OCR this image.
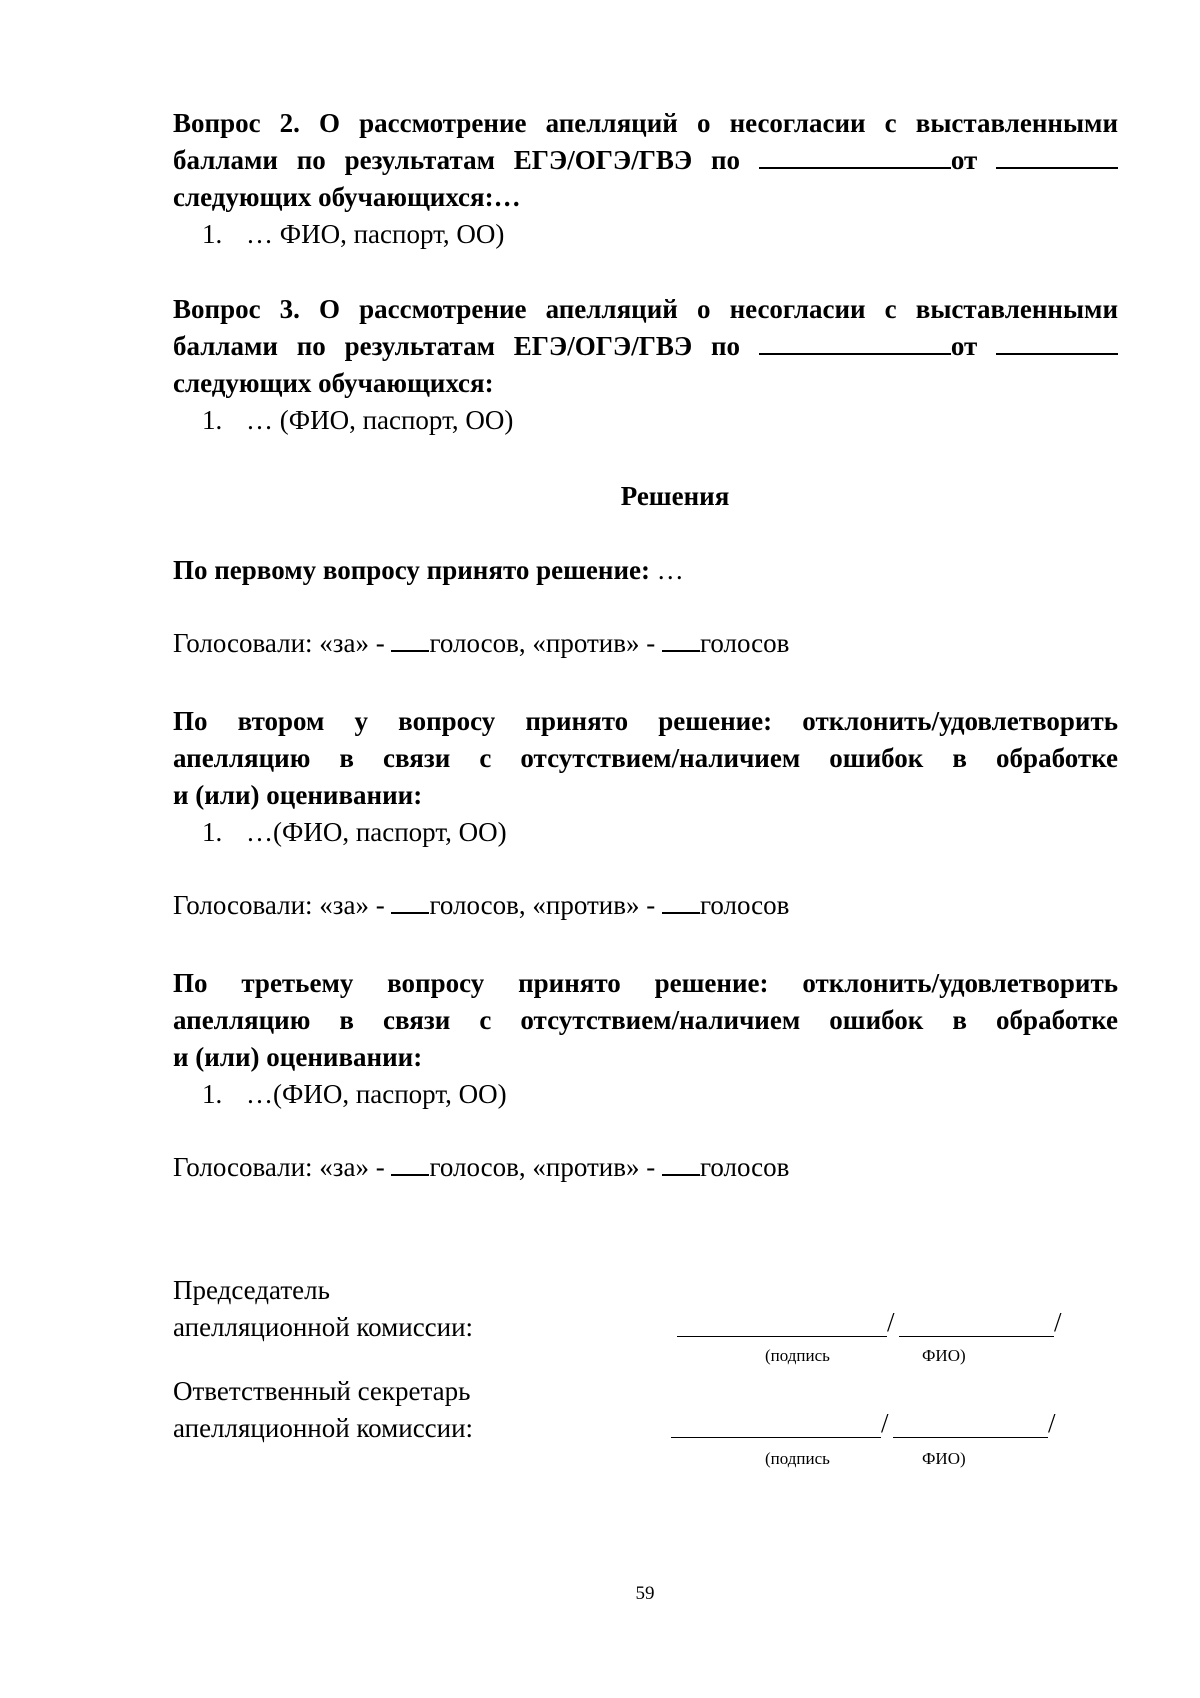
Вопрос 2. О рассмотрение апелляций о несогласии с выставленными
баллами по результатам ЕГЭ/ОГЭ/ГВЭ по	от
следующих обучающихся:…
1. … ФИО, паспорт, ОО)
Вопрос 3. О рассмотрение апелляций о несогласии с выставленными
баллами по результатам ЕГЭ/ОГЭ/ГВЭ по	от
следующих обучающихся:
1. … (ФИО, паспорт, ОО)
Решения
По первому вопросу принято решение: …
Голосовали: «за» - голосов, «против» - голосов
По втором у вопросу принято решение: отклонить/удовлетворить
апелляцию в связи с отсутствием/наличием ошибок в обработке
и (или) оценивании:
1. …(ФИО, паспорт, ОО)
Голосовали: «за» - голосов, «против» - голосов
По третьему вопросу принято решение: отклонить/удовлетворить
апелляцию в связи с отсутствием/наличием ошибок в обработке
и (или) оценивании:
1. …(ФИО, паспорт, ОО)
Голосовали: «за» - голосов, «против» - голосов
Председатель
апелляционной комиссии:	/	/
(подпись	ФИО)
Ответственный секретарь
апелляционной комиссии:	/	/
(подпись	ФИО)
59
